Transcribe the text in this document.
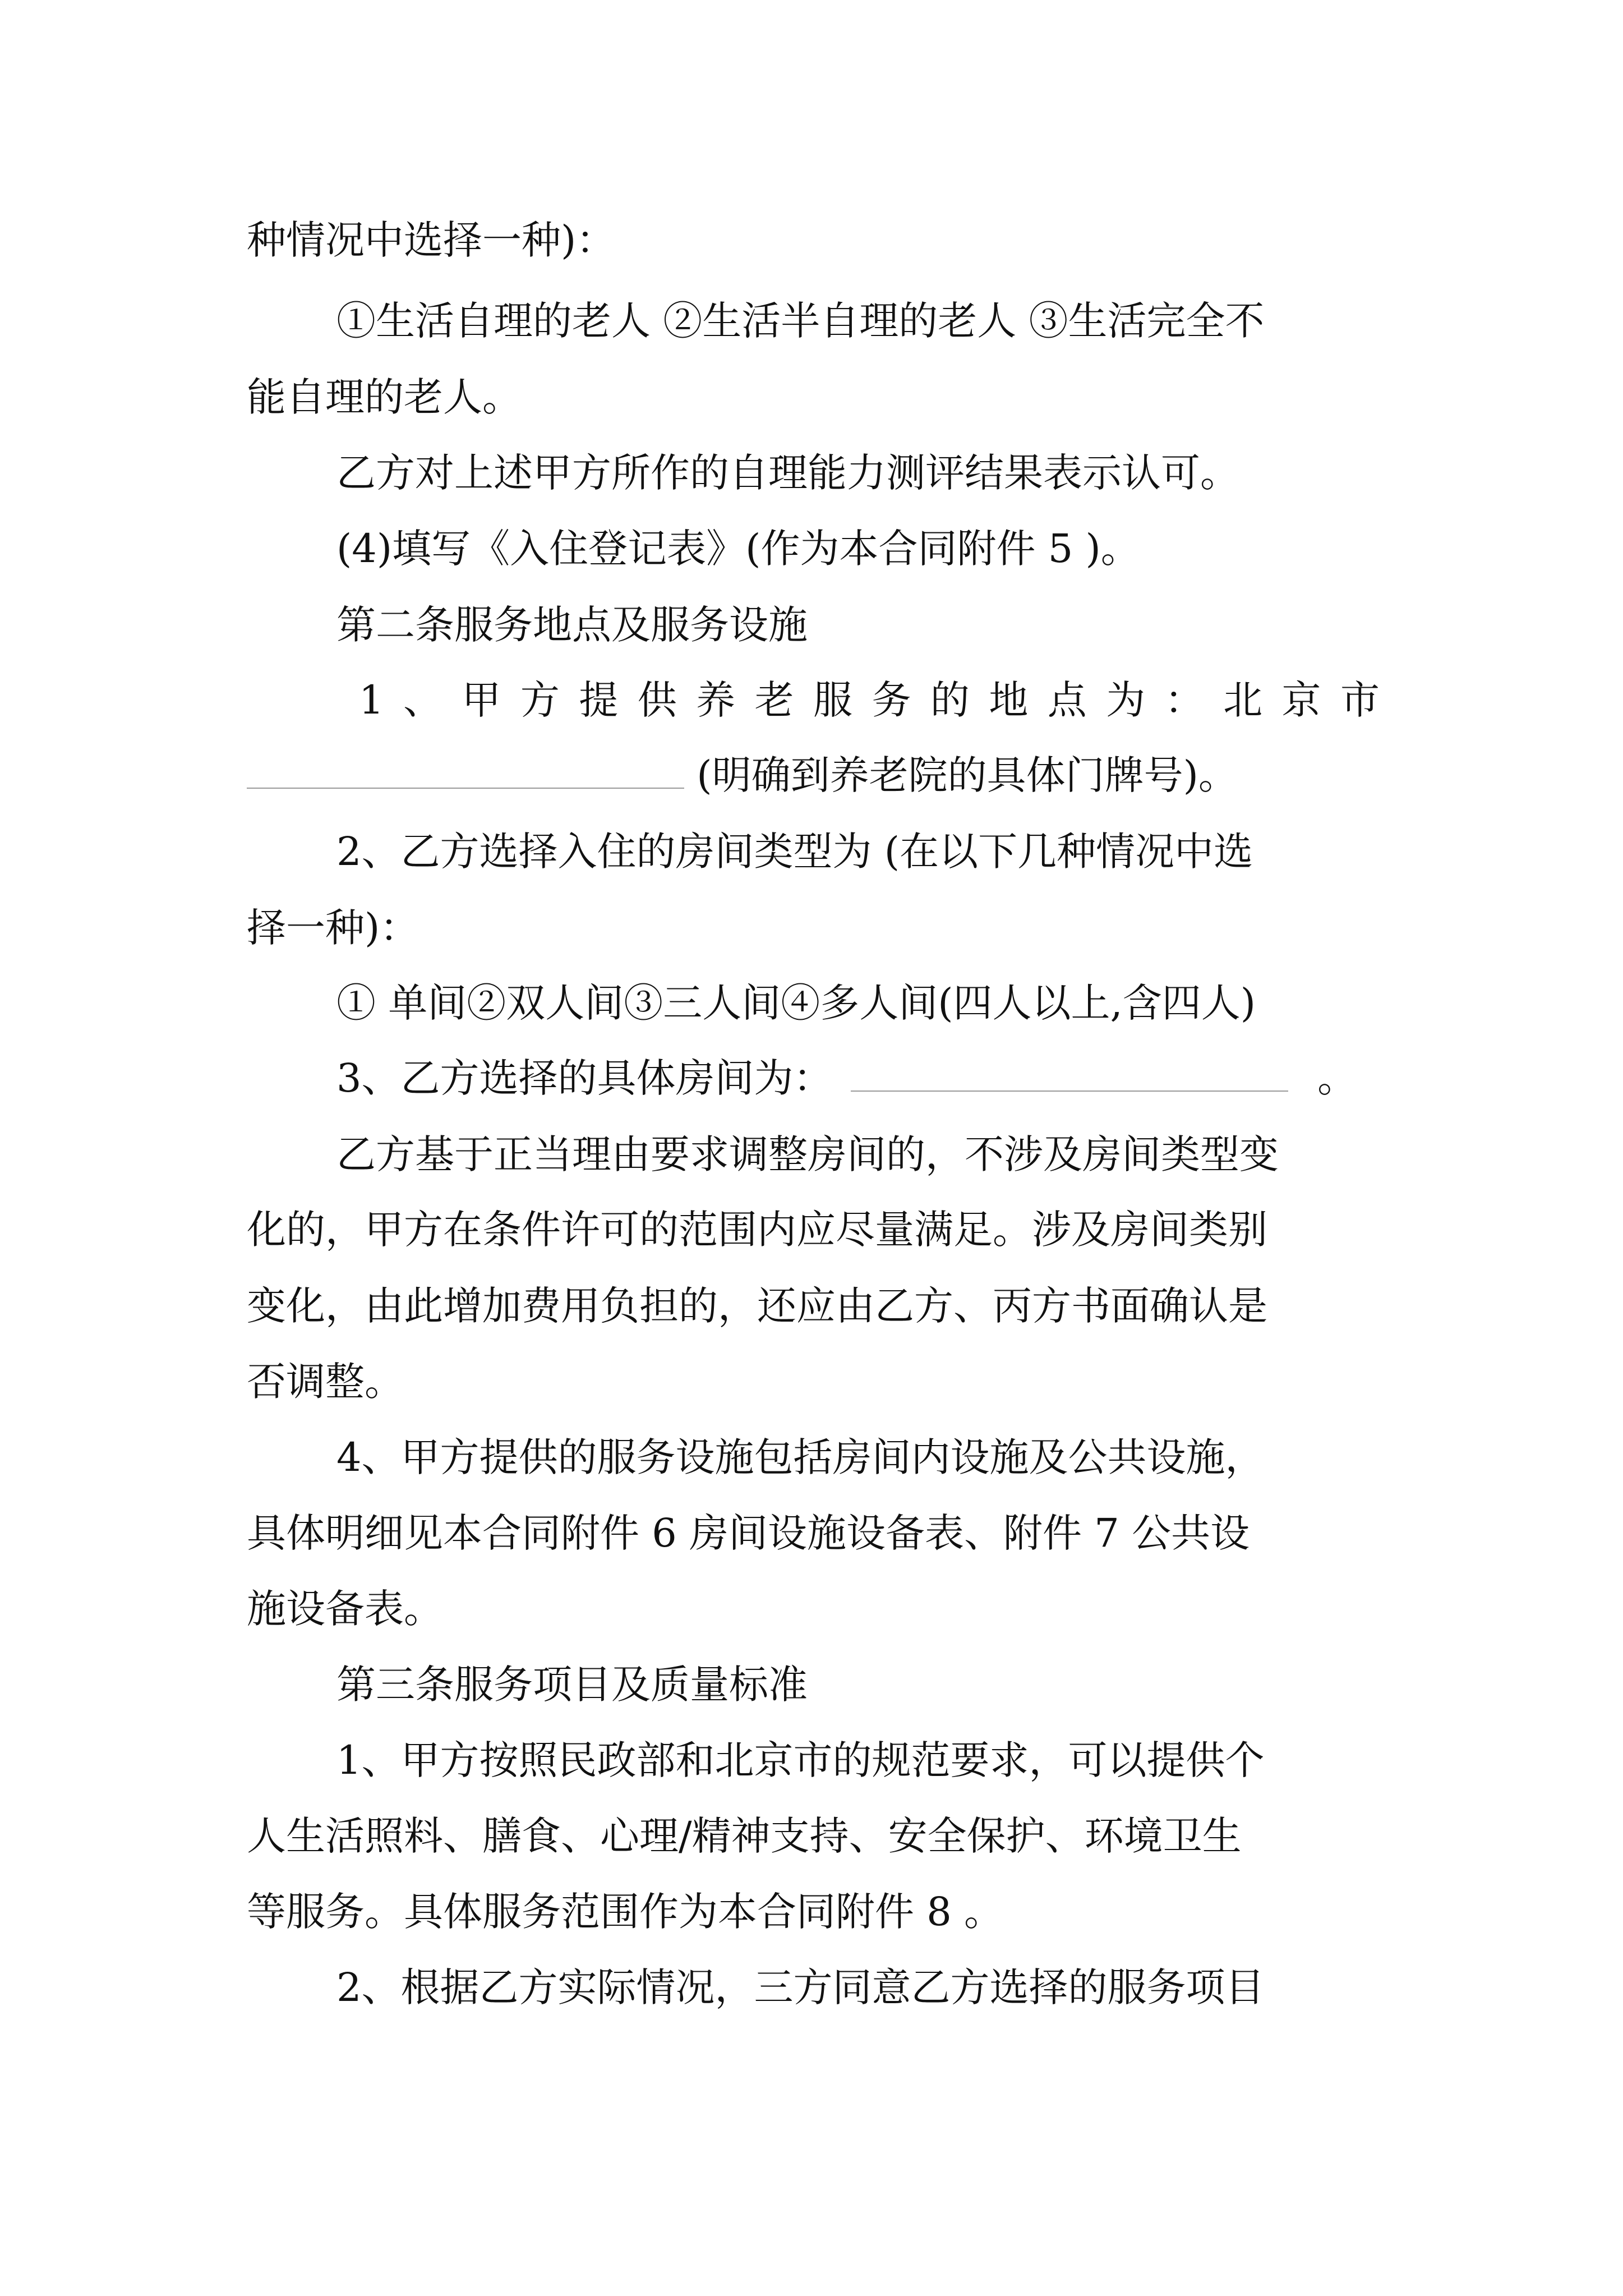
种情况中选择一种)：
①生活自理的老人 ②生活半自理的老人 ③生活完全不
能自理的老人。
乙方对上述甲方所作的自理能力测评结果表示认可。
(4)填写《入住登记表》(作为本合同附件 5 )。
第二条服务地点及服务设施
1 、 甲 方 提 供 养 老 服 务 的 地 点 为 ： 北 京 市
(明确到养老院的具体门牌号)。
2、乙方选择入住的房间类型为 (在以下几种情况中选
择一种)：
① 单间②双人间③三人间④多人间(四人以上,含四人)
3、乙方选择的具体房间为：	。
乙方基于正当理由要求调整房间的，不涉及房间类型变
化的，甲方在条件许可的范围内应尽量满足。涉及房间类别
变化，由此增加费用负担的，还应由乙方、丙方书面确认是
否调整。
4、甲方提供的服务设施包括房间内设施及公共设施，
具体明细见本合同附件 6 房间设施设备表、附件 7 公共设
施设备表。
第三条服务项目及质量标准
1、甲方按照民政部和北京市的规范要求，可以提供个
人生活照料、膳食、心理/精神支持、安全保护、环境卫生
等服务。具体服务范围作为本合同附件 8 。
2、根据乙方实际情况，三方同意乙方选择的服务项目
